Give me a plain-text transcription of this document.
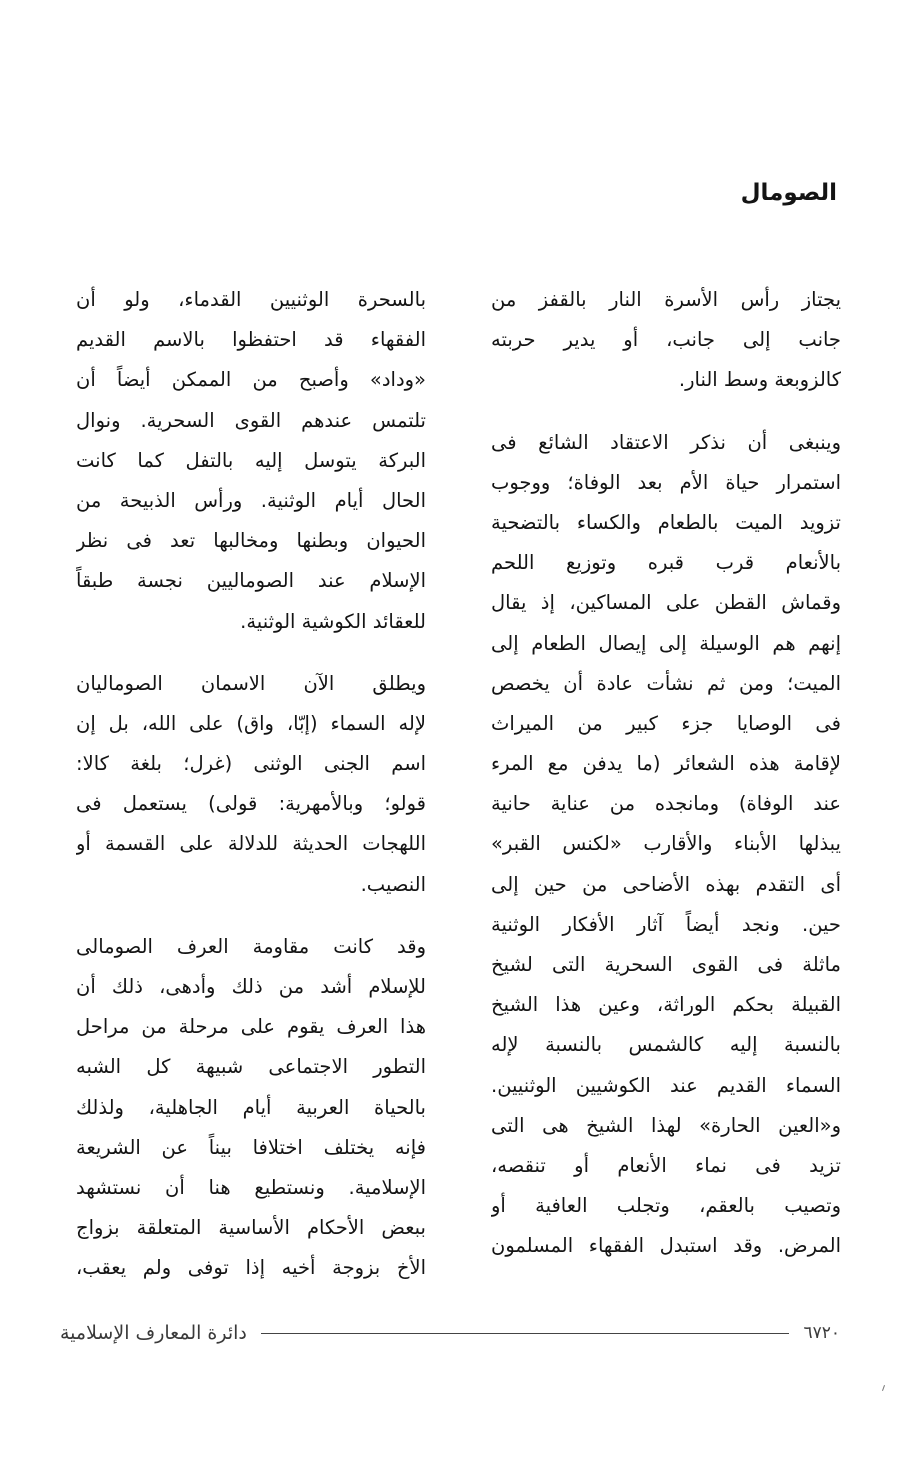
الصومال
يجتاز رأس الأسرة النار بالقفز من
جانب إلى جانب، أو يدير حربته
كالزوبعة وسط النار.
وينبغى أن نذكر الاعتقاد الشائع فى
استمرار حياة الأم بعد الوفاة؛ ووجوب
تزويد الميت بالطعام والكساء بالتضحية
بالأنعام قرب قبره وتوزيع اللحم
وقماش القطن على المساكين، إذ يقال
إنهم هم الوسيلة إلى إيصال الطعام إلى
الميت؛ ومن ثم نشأت عادة أن يخصص
فى الوصايا جزء كبير من الميراث
لإقامة هذه الشعائر (ما يدفن مع المرء
عند الوفاة) ومانجده من عناية حانية
يبذلها الأبناء والأقارب «لكنس القبر»
أى التقدم بهذه الأضاحى من حين إلى
حين. ونجد أيضاً آثار الأفكار الوثنية
ماثلة فى القوى السحرية التى لشيخ
القبيلة بحكم الوراثة، وعين هذا الشيخ
بالنسبة إليه كالشمس بالنسبة لإله
السماء القديم عند الكوشيين الوثنيين.
و«العين الحارة» لهذا الشيخ هى التى
تزيد فى نماء الأنعام أو تنقصه،
وتصيب بالعقم، وتجلب العافية أو
المرض. وقد استبدل الفقهاء المسلمون
بالسحرة الوثنيين القدماء، ولو أن
الفقهاء قد احتفظوا بالاسم القديم
«وداد» وأصبح من الممكن أيضاً أن
تلتمس عندهم القوى السحرية. ونوال
البركة يتوسل إليه بالتفل كما كانت
الحال أيام الوثنية. ورأس الذبيحة من
الحيوان وبطنها ومخالبها تعد فى نظر
الإسلام عند الصوماليين نجسة طبقاً
للعقائد الكوشية الوثنية.
ويطلق الآن الاسمان الصوماليان
لإله السماء (إبّا، واق) على الله، بل إن
اسم الجنى الوثنى (غرل؛ بلغة كالا:
قولو؛ وبالأمهرية: قولى) يستعمل فى
اللهجات الحديثة للدلالة على القسمة أو
النصيب.
وقد كانت مقاومة العرف الصومالى
للإسلام أشد من ذلك وأدهى، ذلك أن
هذا العرف يقوم على مرحلة من مراحل
التطور الاجتماعى شبيهة كل الشبه
بالحياة العربية أيام الجاهلية، ولذلك
فإنه يختلف اختلافا بيناً عن الشريعة
الإسلامية. ونستطيع هنا أن نستشهد
ببعض الأحكام الأساسية المتعلقة بزواج
الأخ بزوجة أخيه إذا توفى ولم يعقب،
دائرة المعارف الإسلامية	٦٧٢٠
